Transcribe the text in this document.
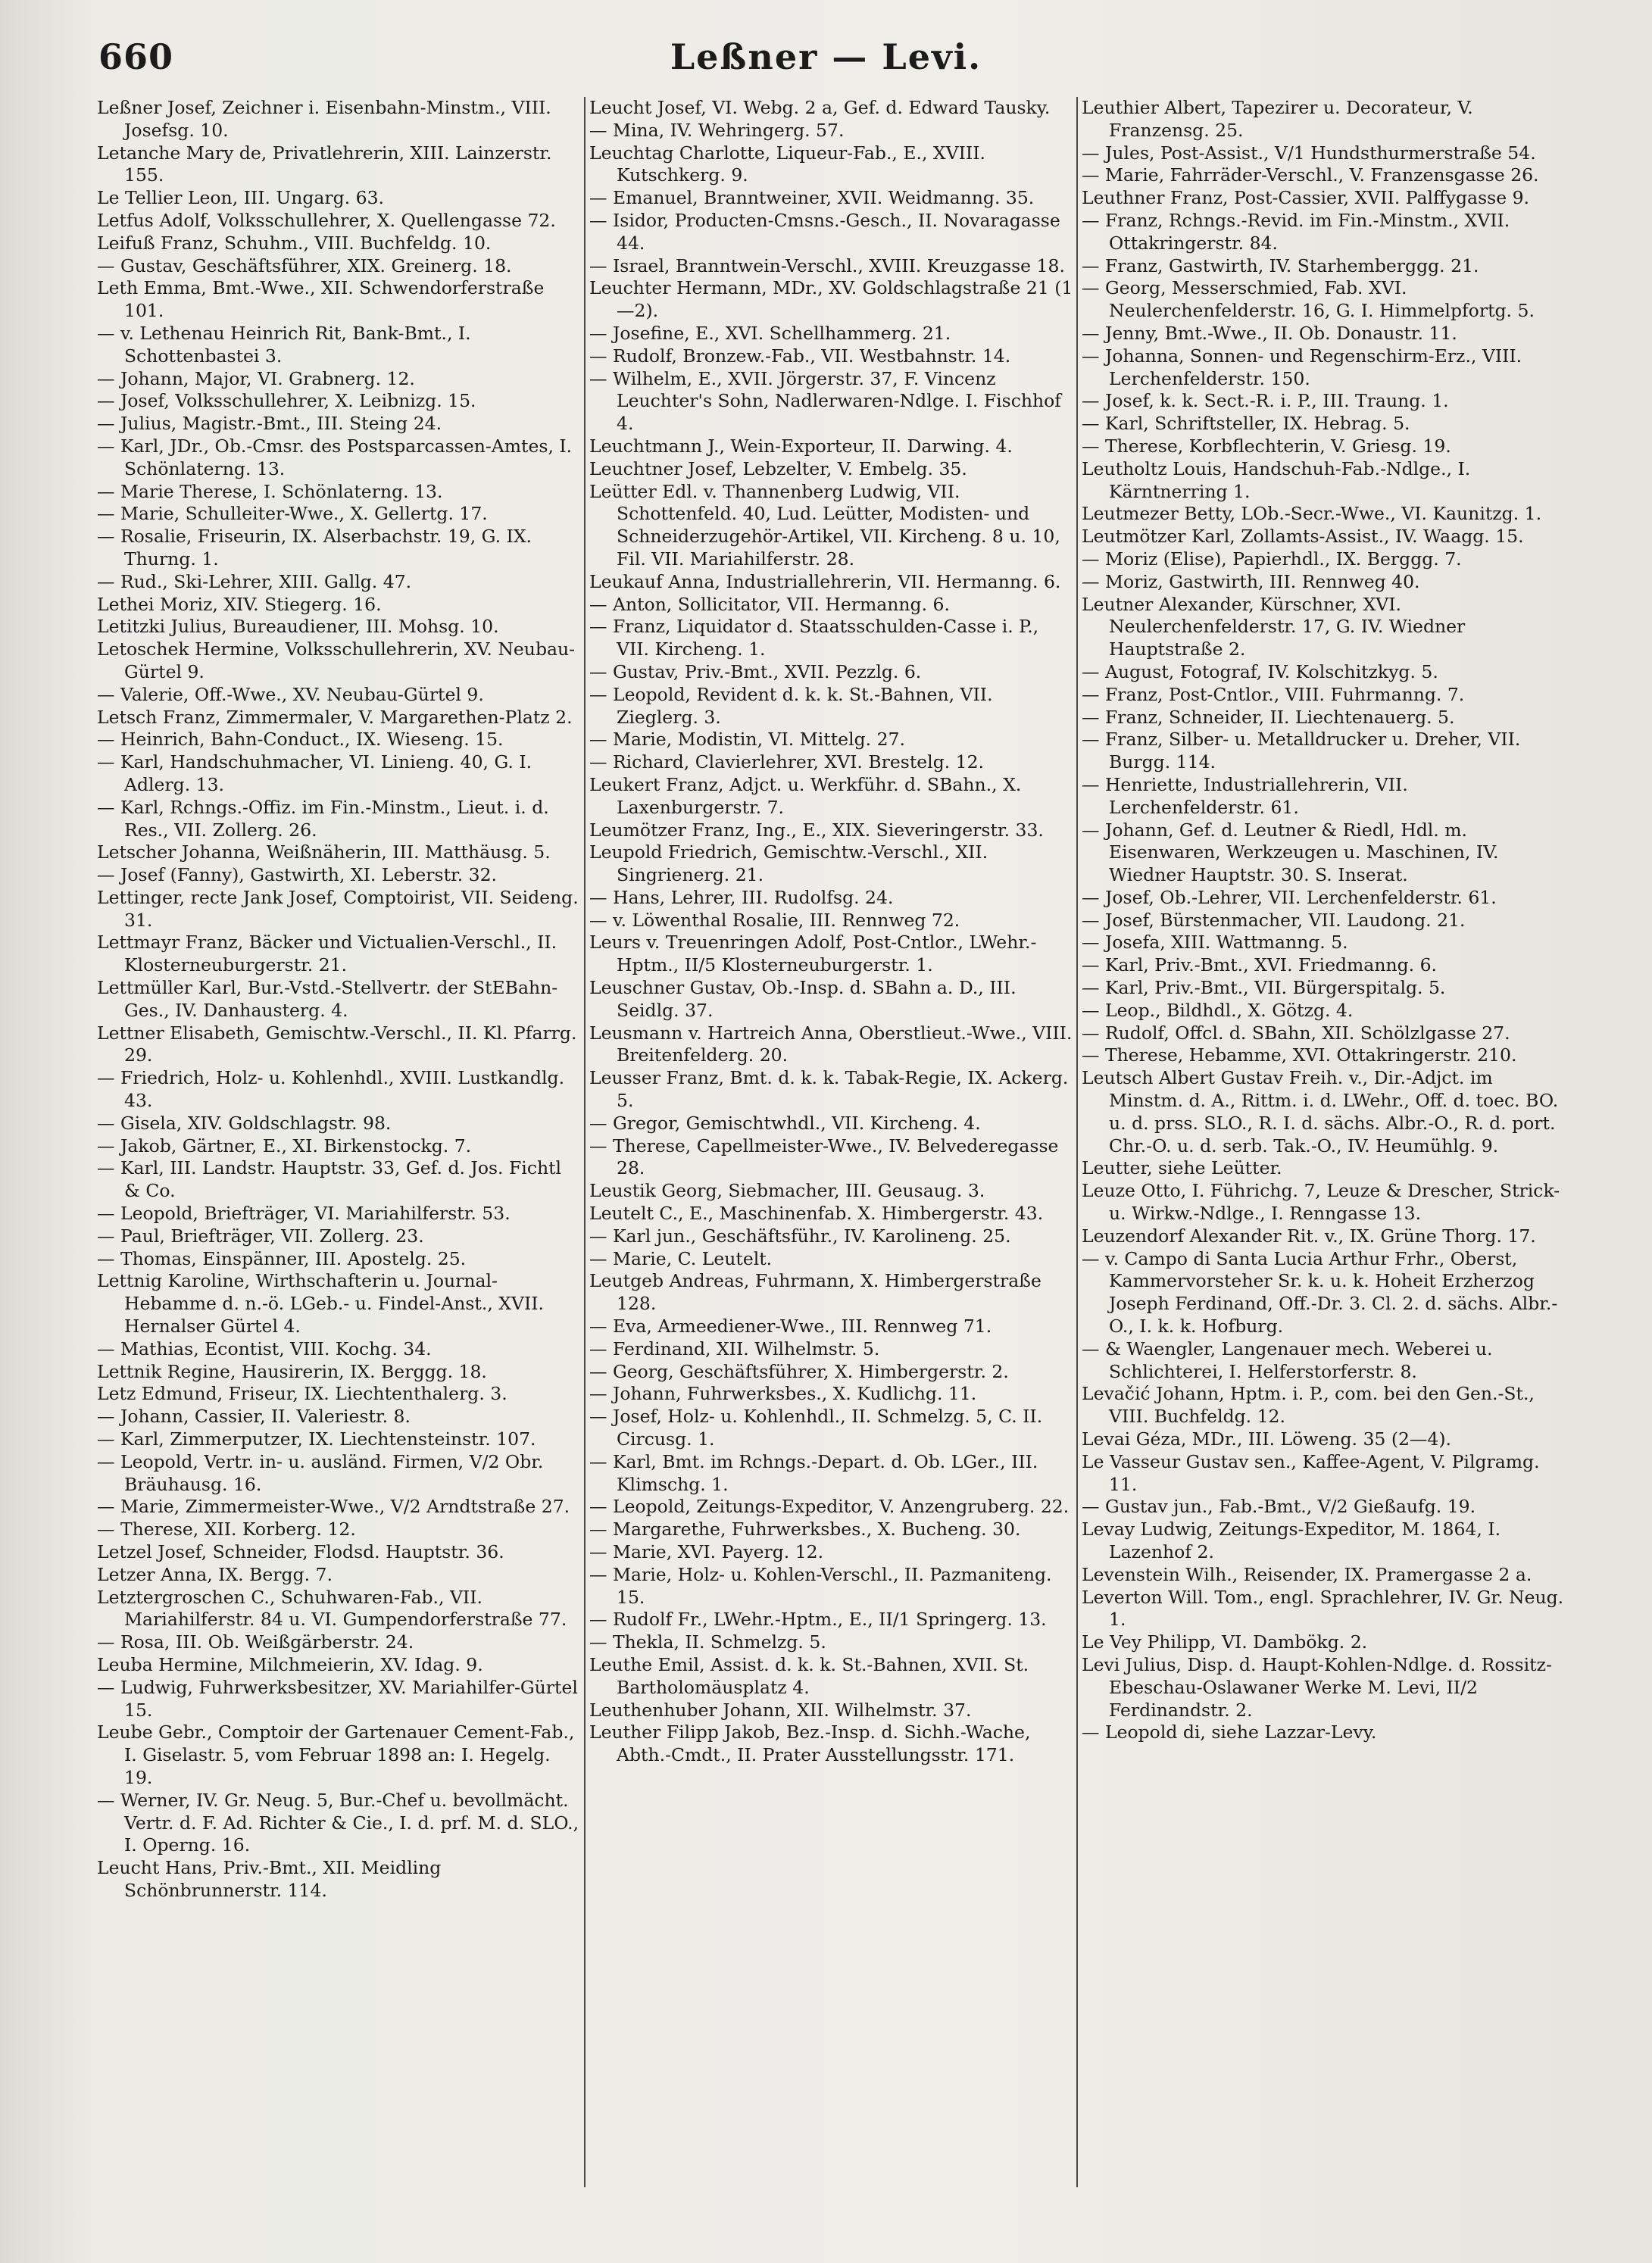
660	Leßner — Levi.
Leßner Josef, Zeichner i. Eisenbahn-Minstm., VIII. Josefsg. 10.
Letanche Mary de, Privatlehrerin, XIII. Lainzerstr. 155.
Le Tellier Leon, III. Ungarg. 63.
Letfus Adolf, Volksschullehrer, X. Quellengasse 72.
Leifuß Franz, Schuhm., VIII. Buchfeldg. 10.
— Gustav, Geschäftsführer, XIX. Greinerg. 18.
Leth Emma, Bmt.-Wwe., XII. Schwendorferstraße 101.
— v. Lethenau Heinrich Rit, Bank-Bmt., I. Schottenbastei 3.
— Johann, Major, VI. Grabnerg. 12.
— Josef, Volksschullehrer, X. Leibnizg. 15.
— Julius, Magistr.-Bmt., III. Steing 24.
— Karl, JDr., Ob.-Cmsr. des Postsparcassen-Amtes, I. Schönlaterng. 13.
— Marie Therese, I. Schönlaterng. 13.
— Marie, Schulleiter-Wwe., X. Gellertg. 17.
— Rosalie, Friseurin, IX. Alserbachstr. 19, G. IX. Thurng. 1.
— Rud., Ski-Lehrer, XIII. Gallg. 47.
Lethei Moriz, XIV. Stiegerg. 16.
Letitzki Julius, Bureaudiener, III. Mohsg. 10.
Letoschek Hermine, Volksschullehrerin, XV. Neubau-Gürtel 9.
— Valerie, Off.-Wwe., XV. Neubau-Gürtel 9.
Letsch Franz, Zimmermaler, V. Margarethen-Platz 2.
— Heinrich, Bahn-Conduct., IX. Wieseng. 15.
— Karl, Handschuhmacher, VI. Linieng. 40, G. I. Adlerg. 13.
— Karl, Rchngs.-Offiz. im Fin.-Minstm., Lieut. i. d. Res., VII. Zollerg. 26.
Letscher Johanna, Weißnäherin, III. Matthäusg. 5.
— Josef (Fanny), Gastwirth, XI. Leberstr. 32.
Lettinger, recte Jank Josef, Comptoirist, VII. Seideng. 31.
Lettmayr Franz, Bäcker und Victualien-Verschl., II. Klosterneuburgerstr. 21.
Lettmüller Karl, Bur.-Vstd.-Stellvertr. der StEBahn-Ges., IV. Danhausterg. 4.
Lettner Elisabeth, Gemischtw.-Verschl., II. Kl. Pfarrg. 29.
— Friedrich, Holz- u. Kohlenhdl., XVIII. Lustkandlg. 43.
— Gisela, XIV. Goldschlagstr. 98.
— Jakob, Gärtner, E., XI. Birkenstockg. 7.
— Karl, III. Landstr. Hauptstr. 33, Gef. d. Jos. Fichtl & Co.
— Leopold, Briefträger, VI. Mariahilferstr. 53.
— Paul, Briefträger, VII. Zollerg. 23.
— Thomas, Einspänner, III. Apostelg. 25.
Lettnig Karoline, Wirthschafterin u. Journal-Hebamme d. n.-ö. LGeb.- u. Findel-Anst., XVII. Hernalser Gürtel 4.
— Mathias, Econtist, VIII. Kochg. 34.
Lettnik Regine, Hausirerin, IX. Berggg. 18.
Letz Edmund, Friseur, IX. Liechtenthalerg. 3.
— Johann, Cassier, II. Valeriestr. 8.
— Karl, Zimmerputzer, IX. Liechtensteinstr. 107.
— Leopold, Vertr. in- u. ausländ. Firmen, V/2 Obr. Bräuhausg. 16.
— Marie, Zimmermeister-Wwe., V/2 Arndtstraße 27.
— Therese, XII. Korberg. 12.
Letzel Josef, Schneider, Flodsd. Hauptstr. 36.
Letzer Anna, IX. Bergg. 7.
Letztergroschen C., Schuhwaren-Fab., VII. Mariahilferstr. 84 u. VI. Gumpendorferstraße 77.
— Rosa, III. Ob. Weißgärberstr. 24.
Leuba Hermine, Milchmeierin, XV. Idag. 9.
— Ludwig, Fuhrwerksbesitzer, XV. Mariahilfer-Gürtel 15.
Leube Gebr., Comptoir der Gartenauer Cement-Fab., I. Giselastr. 5, vom Februar 1898 an: I. Hegelg. 19.
— Werner, IV. Gr. Neug. 5, Bur.-Chef u. bevollmächt. Vertr. d. F. Ad. Richter & Cie., I. d. prf. M. d. SLO., I. Operng. 16.
Leucht Hans, Priv.-Bmt., XII. Meidling Schönbrunnerstr. 114.
Leucht Josef, VI. Webg. 2 a, Gef. d. Edward Tausky.
— Mina, IV. Wehringerg. 57.
Leuchtag Charlotte, Liqueur-Fab., E., XVIII. Kutschkerg. 9.
— Emanuel, Branntweiner, XVII. Weidmanng. 35.
— Isidor, Producten-Cmsns.-Gesch., II. Novaragasse 44.
— Israel, Branntwein-Verschl., XVIII. Kreuzgasse 18.
Leuchter Hermann, MDr., XV. Goldschlagstraße 21 (1—2).
— Josefine, E., XVI. Schellhammerg. 21.
— Rudolf, Bronzew.-Fab., VII. Westbahnstr. 14.
— Wilhelm, E., XVII. Jörgerstr. 37, F. Vincenz Leuchter's Sohn, Nadlerwaren-Ndlge. I. Fischhof 4.
Leuchtmann J., Wein-Exporteur, II. Darwing. 4.
Leuchtner Josef, Lebzelter, V. Embelg. 35.
Leütter Edl. v. Thannenberg Ludwig, VII. Schottenfeld. 40, Lud. Leütter, Modisten- und Schneiderzugehör-Artikel, VII. Kircheng. 8 u. 10, Fil. VII. Mariahilferstr. 28.
Leukauf Anna, Industriallehrerin, VII. Hermanng. 6.
— Anton, Sollicitator, VII. Hermanng. 6.
— Franz, Liquidator d. Staatsschulden-Casse i. P., VII. Kircheng. 1.
— Gustav, Priv.-Bmt., XVII. Pezzlg. 6.
— Leopold, Revident d. k. k. St.-Bahnen, VII. Zieglerg. 3.
— Marie, Modistin, VI. Mittelg. 27.
— Richard, Clavierlehrer, XVI. Brestelg. 12.
Leukert Franz, Adjct. u. Werkführ. d. SBahn., X. Laxenburgerstr. 7.
Leumötzer Franz, Ing., E., XIX. Sieveringerstr. 33.
Leupold Friedrich, Gemischtw.-Verschl., XII. Singrienerg. 21.
— Hans, Lehrer, III. Rudolfsg. 24.
— v. Löwenthal Rosalie, III. Rennweg 72.
Leurs v. Treuenringen Adolf, Post-Cntlor., LWehr.-Hptm., II/5 Klosterneuburgerstr. 1.
Leuschner Gustav, Ob.-Insp. d. SBahn a. D., III. Seidlg. 37.
Leusmann v. Hartreich Anna, Oberstlieut.-Wwe., VIII. Breitenfelderg. 20.
Leusser Franz, Bmt. d. k. k. Tabak-Regie, IX. Ackerg. 5.
— Gregor, Gemischtwhdl., VII. Kircheng. 4.
— Therese, Capellmeister-Wwe., IV. Belvederegasse 28.
Leustik Georg, Siebmacher, III. Geusaug. 3.
Leutelt C., E., Maschinenfab. X. Himbergerstr. 43.
— Karl jun., Geschäftsführ., IV. Karolineng. 25.
— Marie, C. Leutelt.
Leutgeb Andreas, Fuhrmann, X. Himbergerstraße 128.
— Eva, Armeediener-Wwe., III. Rennweg 71.
— Ferdinand, XII. Wilhelmstr. 5.
— Georg, Geschäftsführer, X. Himbergerstr. 2.
— Johann, Fuhrwerksbes., X. Kudlichg. 11.
— Josef, Holz- u. Kohlenhdl., II. Schmelzg. 5, C. II. Circusg. 1.
— Karl, Bmt. im Rchngs.-Depart. d. Ob. LGer., III. Klimschg. 1.
— Leopold, Zeitungs-Expeditor, V. Anzengruberg. 22.
— Margarethe, Fuhrwerksbes., X. Bucheng. 30.
— Marie, XVI. Payerg. 12.
— Marie, Holz- u. Kohlen-Verschl., II. Pazmaniteng. 15.
— Rudolf Fr., LWehr.-Hptm., E., II/1 Springerg. 13.
— Thekla, II. Schmelzg. 5.
Leuthe Emil, Assist. d. k. k. St.-Bahnen, XVII. St. Bartholomäusplatz 4.
Leuthenhuber Johann, XII. Wilhelmstr. 37.
Leuther Filipp Jakob, Bez.-Insp. d. Sichh.-Wache, Abth.-Cmdt., II. Prater Ausstellungsstr. 171.
Leuthier Albert, Tapezirer u. Decorateur, V. Franzensg. 25.
— Jules, Post-Assist., V/1 Hundsthurmerstraße 54.
— Marie, Fahrräder-Verschl., V. Franzensgasse 26.
Leuthner Franz, Post-Cassier, XVII. Palffygasse 9.
— Franz, Rchngs.-Revid. im Fin.-Minstm., XVII. Ottakringerstr. 84.
— Franz, Gastwirth, IV. Starhemberggg. 21.
— Georg, Messerschmied, Fab. XVI. Neulerchenfelderstr. 16, G. I. Himmelpfortg. 5.
— Jenny, Bmt.-Wwe., II. Ob. Donaustr. 11.
— Johanna, Sonnen- und Regenschirm-Erz., VIII. Lerchenfelderstr. 150.
— Josef, k. k. Sect.-R. i. P., III. Traung. 1.
— Karl, Schriftsteller, IX. Hebrag. 5.
— Therese, Korbflechterin, V. Griesg. 19.
Leutholtz Louis, Handschuh-Fab.-Ndlge., I. Kärntnerring 1.
Leutmezer Betty, LOb.-Secr.-Wwe., VI. Kaunitzg. 1.
Leutmötzer Karl, Zollamts-Assist., IV. Waagg. 15.
— Moriz (Elise), Papierhdl., IX. Berggg. 7.
— Moriz, Gastwirth, III. Rennweg 40.
Leutner Alexander, Kürschner, XVI. Neulerchenfelderstr. 17, G. IV. Wiedner Hauptstraße 2.
— August, Fotograf, IV. Kolschitzkyg. 5.
— Franz, Post-Cntlor., VIII. Fuhrmanng. 7.
— Franz, Schneider, II. Liechtenauerg. 5.
— Franz, Silber- u. Metalldrucker u. Dreher, VII. Burgg. 114.
— Henriette, Industriallehrerin, VII. Lerchenfelderstr. 61.
— Johann, Gef. d. Leutner & Riedl, Hdl. m. Eisenwaren, Werkzeugen u. Maschinen, IV. Wiedner Hauptstr. 30. S. Inserat.
— Josef, Ob.-Lehrer, VII. Lerchenfelderstr. 61.
— Josef, Bürstenmacher, VII. Laudong. 21.
— Josefa, XIII. Wattmanng. 5.
— Karl, Priv.-Bmt., XVI. Friedmanng. 6.
— Karl, Priv.-Bmt., VII. Bürgerspitalg. 5.
— Leop., Bildhdl., X. Götzg. 4.
— Rudolf, Offcl. d. SBahn, XII. Schölzlgasse 27.
— Therese, Hebamme, XVI. Ottakringerstr. 210.
Leutsch Albert Gustav Freih. v., Dir.-Adjct. im Minstm. d. A., Rittm. i. d. LWehr., Off. d. toec. BO. u. d. prss. SLO., R. I. d. sächs. Albr.-O., R. d. port. Chr.-O. u. d. serb. Tak.-O., IV. Heumühlg. 9.
Leutter, siehe Leütter.
Leuze Otto, I. Führichg. 7, Leuze & Drescher, Strick- u. Wirkw.-Ndlge., I. Renngasse 13.
Leuzendorf Alexander Rit. v., IX. Grüne Thorg. 17.
— v. Campo di Santa Lucia Arthur Frhr., Oberst, Kammervorsteher Sr. k. u. k. Hoheit Erzherzog Joseph Ferdinand, Off.-Dr. 3. Cl. 2. d. sächs. Albr.-O., I. k. k. Hofburg.
— & Waengler, Langenauer mech. Weberei u. Schlichterei, I. Helferstorferstr. 8.
Levačić Johann, Hptm. i. P., com. bei den Gen.-St., VIII. Buchfeldg. 12.
Levai Géza, MDr., III. Löweng. 35 (2—4).
Le Vasseur Gustav sen., Kaffee-Agent, V. Pilgramg. 11.
— Gustav jun., Fab.-Bmt., V/2 Gießaufg. 19.
Levay Ludwig, Zeitungs-Expeditor, M. 1864, I. Lazenhof 2.
Levenstein Wilh., Reisender, IX. Pramergasse 2 a.
Leverton Will. Tom., engl. Sprachlehrer, IV. Gr. Neug. 1.
Le Vey Philipp, VI. Dambökg. 2.
Levi Julius, Disp. d. Haupt-Kohlen-Ndlge. d. Rossitz-Ebeschau-Oslawaner Werke M. Levi, II/2 Ferdinandstr. 2.
— Leopold di, siehe Lazzar-Levy.
